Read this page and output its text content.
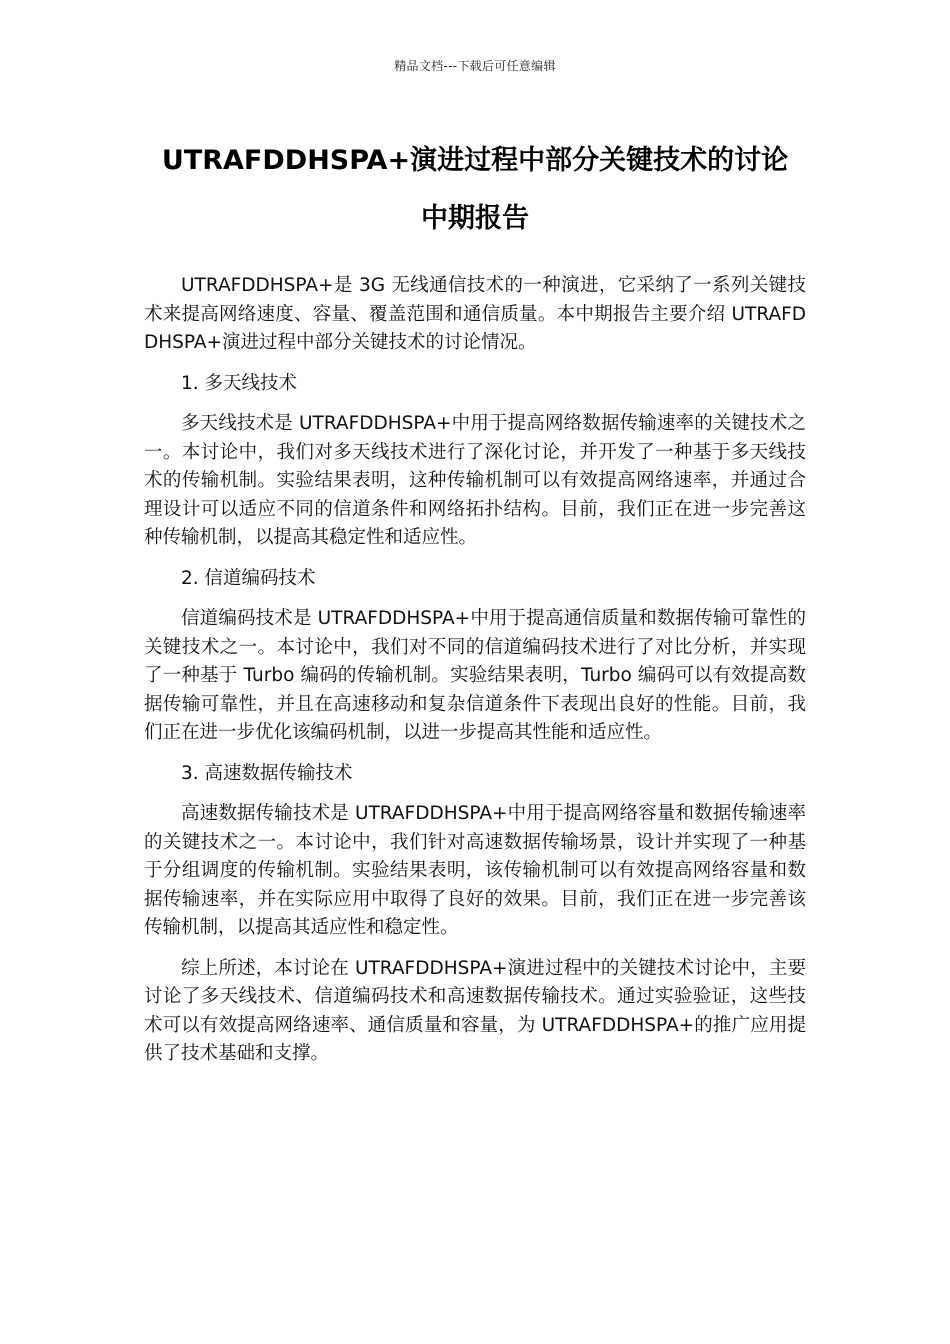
精品文档---下载后可任意编辑
UTRAFDDHSPA+演进过程中部分关键技术的讨论
中期报告

UTRAFDDHSPA+是 3G 无线通信技术的一种演进，它采纳了一系列关键技术来提高网络速度、容量、覆盖范围和通信质量。本中期报告主要介绍 UTRAFDDHSPA+演进过程中部分关键技术的讨论情况。

1. 多天线技术

多天线技术是 UTRAFDDHSPA+中用于提高网络数据传输速率的关键技术之一。本讨论中，我们对多天线技术进行了深化讨论，并开发了一种基于多天线技术的传输机制。实验结果表明，这种传输机制可以有效提高网络速率，并通过合理设计可以适应不同的信道条件和网络拓扑结构。目前，我们正在进一步完善这种传输机制，以提高其稳定性和适应性。

2. 信道编码技术

信道编码技术是 UTRAFDDHSPA+中用于提高通信质量和数据传输可靠性的关键技术之一。本讨论中，我们对不同的信道编码技术进行了对比分析，并实现了一种基于 Turbo 编码的传输机制。实验结果表明，Turbo 编码可以有效提高数据传输可靠性，并且在高速移动和复杂信道条件下表现出良好的性能。目前，我们正在进一步优化该编码机制，以进一步提高其性能和适应性。

3. 高速数据传输技术

高速数据传输技术是 UTRAFDDHSPA+中用于提高网络容量和数据传输速率的关键技术之一。本讨论中，我们针对高速数据传输场景，设计并实现了一种基于分组调度的传输机制。实验结果表明，该传输机制可以有效提高网络容量和数据传输速率，并在实际应用中取得了良好的效果。目前，我们正在进一步完善该传输机制，以提高其适应性和稳定性。

综上所述，本讨论在 UTRAFDDHSPA+演进过程中的关键技术讨论中，主要讨论了多天线技术、信道编码技术和高速数据传输技术。通过实验验证，这些技术可以有效提高网络速率、通信质量和容量，为 UTRAFDDHSPA+的推广应用提供了技术基础和支撑。
